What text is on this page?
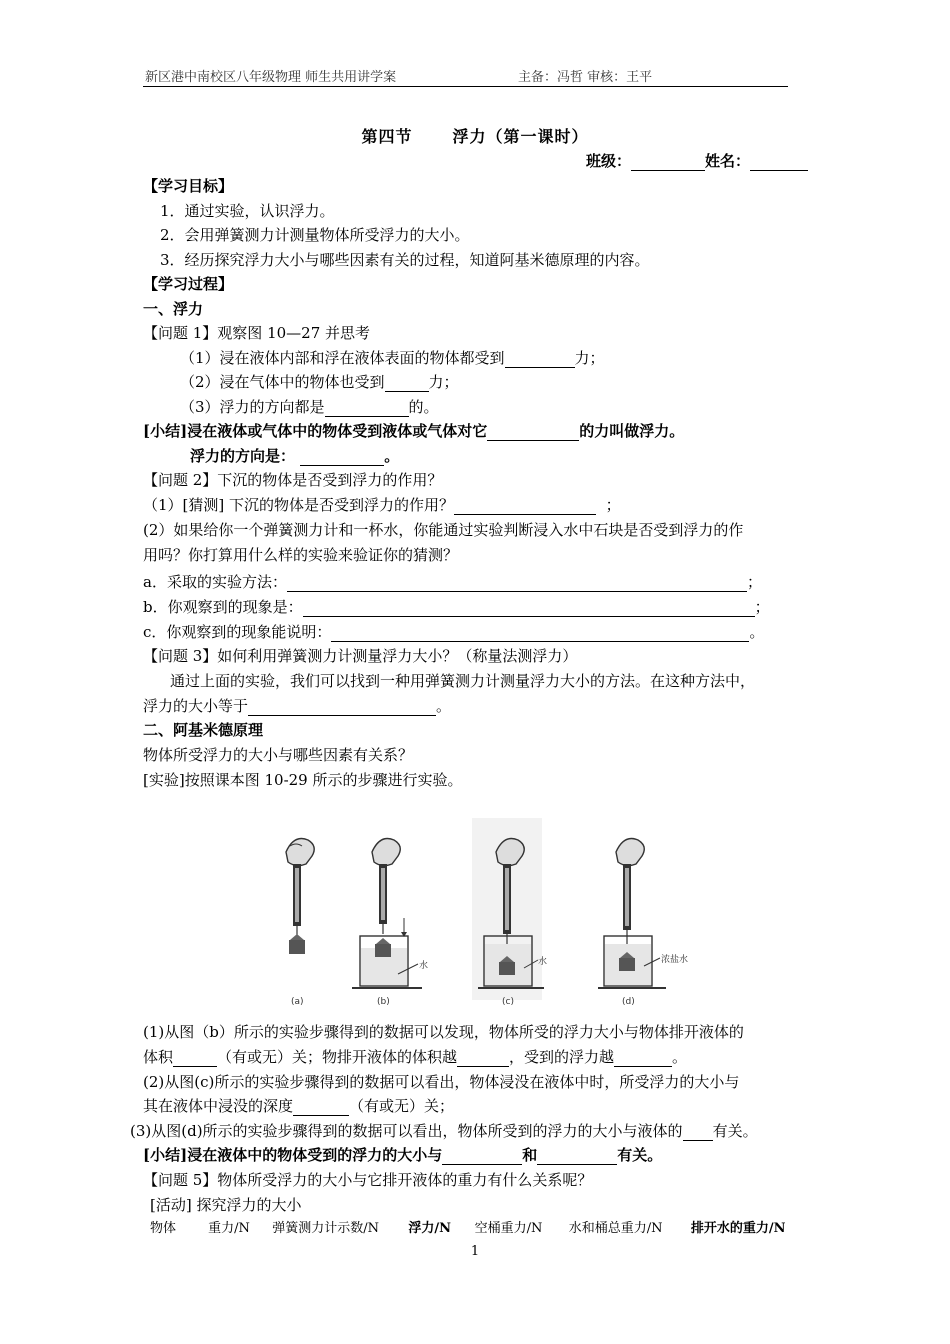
新区港中南校区八年级物理 师生共用讲学案	主备：冯哲 审核：王平
第四节	浮力（第一课时）
班级：	姓名：
【学习目标】
1．通过实验，认识浮力。
2．会用弹簧测力计测量物体所受浮力的大小。
3．经历探究浮力大小与哪些因素有关的过程，知道阿基米德原理的内容。
【学习过程】
一、浮力
【问题 1】观察图 10—27 并思考
（1）浸在液体内部和浮在液体表面的物体都受到	力；
（2）浸在气体中的物体也受到	力；
（3）浮力的方向都是	的。
[小结]浸在液体或气体中的物体受到液体或气体对它	的力叫做浮力。
浮力的方向是：	。
【问题 2】下沉的物体是否受到浮力的作用？
（1）[猜测] 下沉的物体是否受到浮力的作用？	；
(2）如果给你一个弹簧测力计和一杯水，你能通过实验判断浸入水中石块是否受到浮力的作
用吗？你打算用什么样的实验来验证你的猜测？
a．采取的实验方法：	；
b．你观察到的现象是：	；
c．你观察到的现象能说明：	。
【问题 3】如何利用弹簧测力计测量浮力大小？（称量法测浮力）
通过上面的实验，我们可以找到一种用弹簧测力计测量浮力大小的方法。在这种方法中，
浮力的大小等于	。
二、阿基米德原理
物体所受浮力的大小与哪些因素有关系？
[实验]按照课本图 10-29 所示的步骤进行实验。
(a)
水
(b)
水
(c)
浓盐水
(d)
(1)从图（b）所示的实验步骤得到的数据可以发现，物体所受的浮力大小与物体排开液体的
体积	（有或无）关；物排开液体的体积越	，受到的浮力越	。
(2)从图(c)所示的实验步骤得到的数据可以看出，物体浸没在液体中时，所受浮力的大小与
其在液体中浸没的深度	（有或无）关；
(3)从图(d)所示的实验步骤得到的数据可以看出，物体所受到的浮力的大小与液体的 有关。
[小结]浸在液体中的物体受到的浮力的大小与	和	有关。
【问题 5】物体所受浮力的大小与它排开液体的重力有什么关系呢？
[活动] 探究浮力的大小
物体 重力/N 弹簧测力计示数/N 浮力/N 空桶重力/N 水和桶总重力/N 排开水的重力/N
1
